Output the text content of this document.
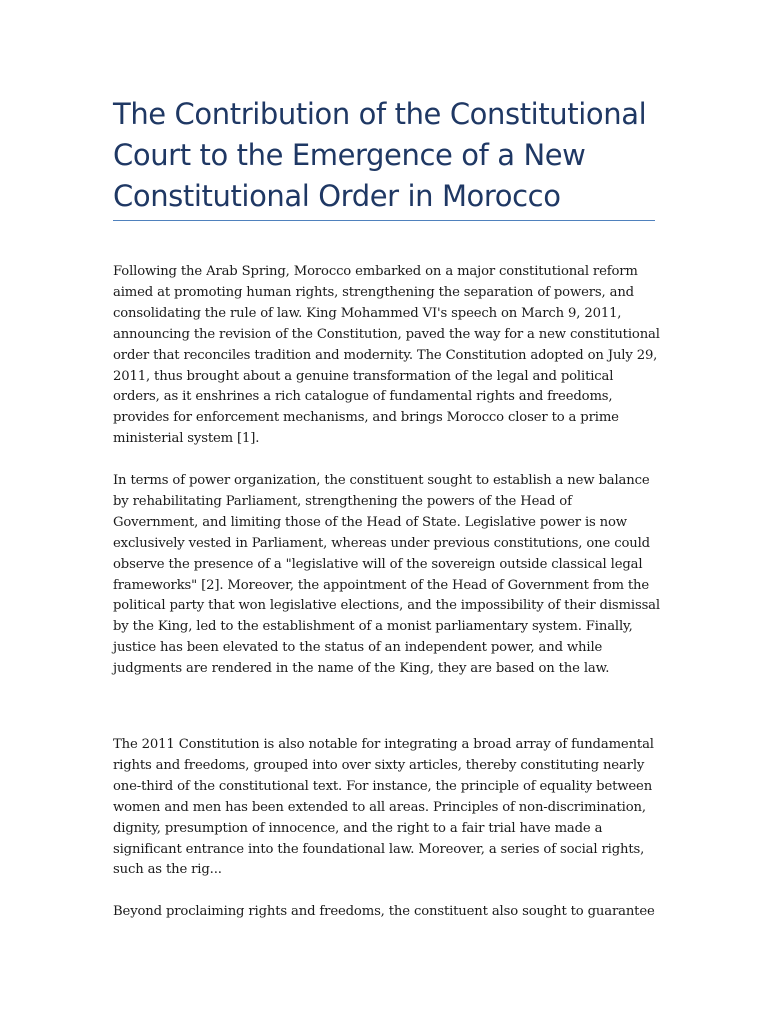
The Contribution of the Constitutional Court to the Emergence of a New Constitutional Order in Morocco

Following the Arab Spring, Morocco embarked on a major constitutional reform aimed at promoting human rights, strengthening the separation of powers, and consolidating the rule of law. King Mohammed VI's speech on March 9, 2011, announcing the revision of the Constitution, paved the way for a new constitutional order that reconciles tradition and modernity. The Constitution adopted on July 29, 2011, thus brought about a genuine transformation of the legal and political orders, as it enshrines a rich catalogue of fundamental rights and freedoms, provides for enforcement mechanisms, and brings Morocco closer to a prime ministerial system [1].

In terms of power organization, the constituent sought to establish a new balance by rehabilitating Parliament, strengthening the powers of the Head of Government, and limiting those of the Head of State. Legislative power is now exclusively vested in Parliament, whereas under previous constitutions, one could observe the presence of a "legislative will of the sovereign outside classical legal frameworks" [2]. Moreover, the appointment of the Head of Government from the political party that won legislative elections, and the impossibility of their dismissal by the King, led to the establishment of a monist parliamentary system. Finally, justice has been elevated to the status of an independent power, and while judgments are rendered in the name of the King, they are based on the law.

The 2011 Constitution is also notable for integrating a broad array of fundamental rights and freedoms, grouped into over sixty articles, thereby constituting nearly one-third of the constitutional text. For instance, the principle of equality between women and men has been extended to all areas. Principles of non-discrimination, dignity, presumption of innocence, and the right to a fair trial have made a significant entrance into the foundational law. Moreover, a series of social rights, such as the rig...

Beyond proclaiming rights and freedoms, the constituent also sought to guarantee
